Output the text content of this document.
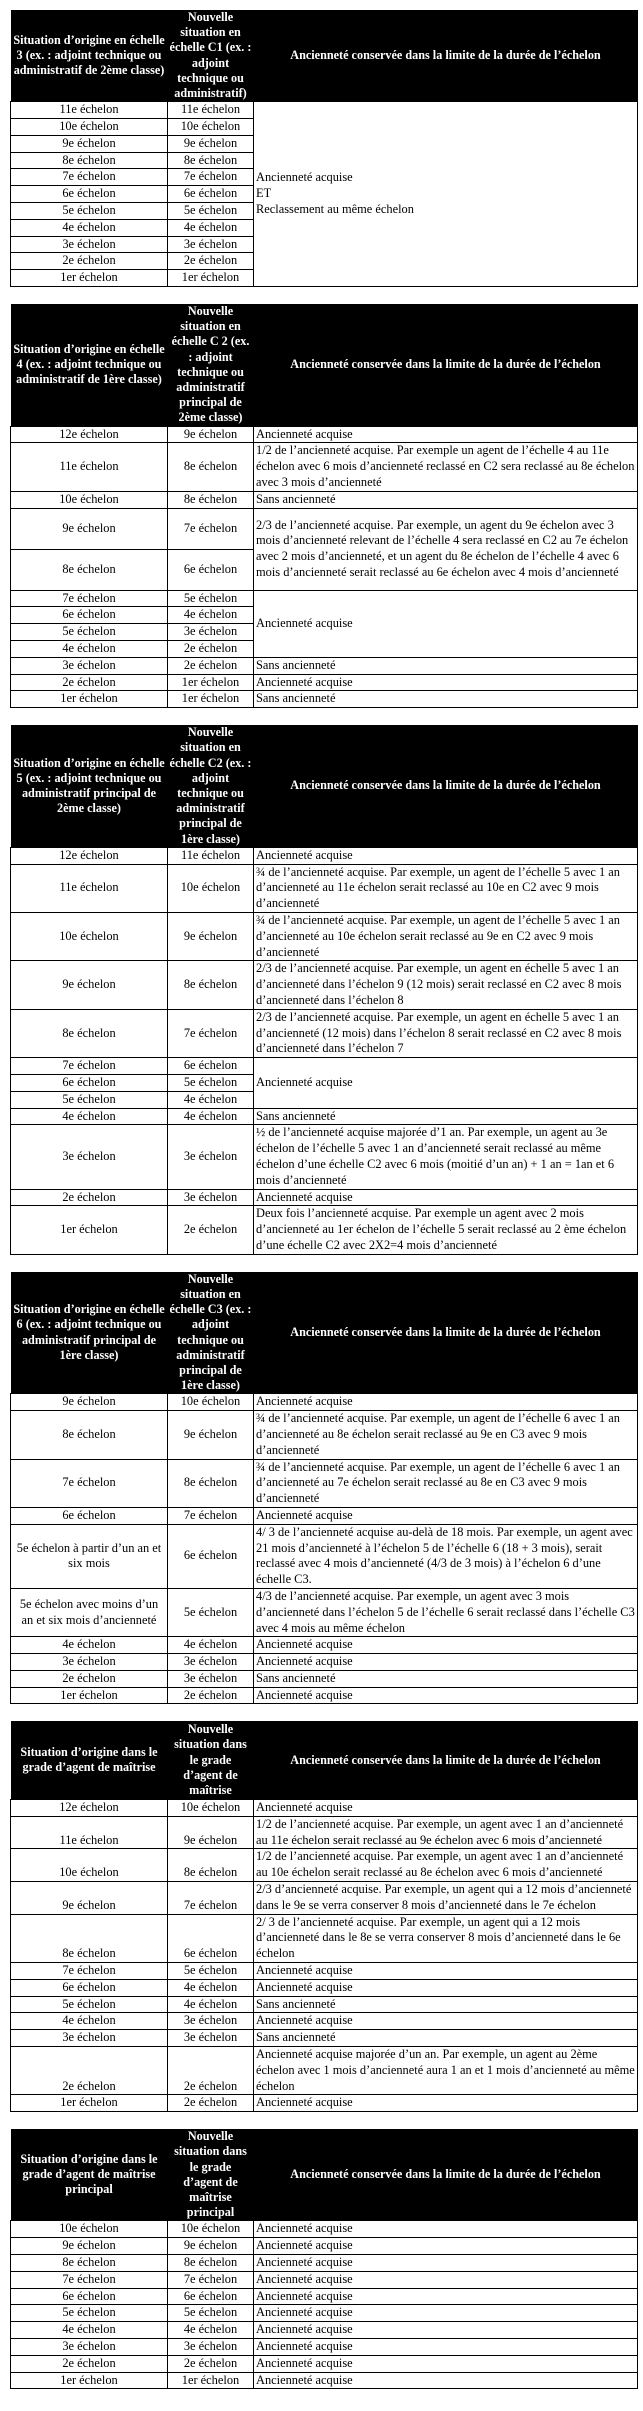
Situation d’origine en échelle 3 (ex. : adjoint technique ou administratif de 2ème classe)	Nouvelle situation en échelle C1 (ex. : adjoint technique ou administratif)	Ancienneté conservée dans la limite de la durée de l’échelon
11e échelon	11e échelon	Ancienneté acquise
ET
Reclassement au même échelon
10e échelon	10e échelon	
9e échelon	9e échelon	
8e échelon	8e échelon	
7e échelon	7e échelon	
6e échelon	6e échelon	
5e échelon	5e échelon	
4e échelon	4e échelon	
3e échelon	3e échelon	
2e échelon	2e échelon	
1er échelon	1er échelon	
Situation d’origine en échelle 4 (ex. : adjoint technique ou administratif de 1ère classe)	Nouvelle situation en échelle C 2 (ex. : adjoint technique ou administratif principal de 2ème classe)	Ancienneté conservée dans la limite de la durée de l’échelon
12e échelon	9e échelon	Ancienneté acquise
11e échelon	8e échelon	1/2 de l’ancienneté acquise. Par exemple un agent de l’échelle 4 au 11e échelon avec 6 mois d’ancienneté reclassé en C2 sera reclassé au 8e échelon avec 3 mois d’ancienneté
10e échelon	8e échelon	Sans ancienneté
9e échelon	7e échelon	2/3 de l’ancienneté acquise. Par exemple, un agent du 9e échelon avec 3 mois d’ancienneté relevant de l’échelle 4 sera reclassé en C2 au 7e échelon avec 2 mois d’ancienneté, et un agent du 8e échelon de l’échelle 4 avec 6 mois d’ancienneté serait reclassé au 6e échelon avec 4 mois d’ancienneté
8e échelon	6e échelon	
7e échelon	5e échelon	Ancienneté acquise
6e échelon	4e échelon	
5e échelon	3e échelon	
4e échelon	2e échelon	
3e échelon	2e échelon	Sans ancienneté
2e échelon	1er échelon	Ancienneté acquise
1er échelon	1er échelon	Sans ancienneté
Situation d’origine en échelle 5 (ex. : adjoint technique ou administratif principal de 2ème classe)	Nouvelle situation en échelle C2 (ex. : adjoint technique ou administratif principal de 1ère classe)	Ancienneté conservée dans la limite de la durée de l’échelon
12e échelon	11e échelon	Ancienneté acquise
11e échelon	10e échelon	¾ de l’ancienneté acquise. Par exemple, un agent de l’échelle 5 avec 1 an d’ancienneté au 11e échelon serait reclassé au 10e en C2 avec 9 mois d’ancienneté
10e échelon	9e échelon	¾ de l’ancienneté acquise. Par exemple, un agent de l’échelle 5 avec 1 an d’ancienneté au 10e échelon serait reclassé au 9e en C2 avec 9 mois d’ancienneté
9e échelon	8e échelon	2/3 de l’ancienneté acquise. Par exemple, un agent en échelle 5 avec 1 an d’ancienneté dans l’échelon 9 (12 mois) serait reclassé en C2 avec 8 mois d’ancienneté dans l’échelon 8
8e échelon	7e échelon	2/3 de l’ancienneté acquise. Par exemple, un agent en échelle 5 avec 1 an d’ancienneté (12 mois) dans l’échelon 8 serait reclassé en C2 avec 8 mois d’ancienneté dans l’échelon 7
7e échelon	6e échelon	Ancienneté acquise
6e échelon	5e échelon	
5e échelon	4e échelon	
4e échelon	4e échelon	Sans ancienneté
3e échelon	3e échelon	½ de l’ancienneté acquise majorée d’1 an. Par exemple, un agent au 3e échelon de l’échelle 5 avec 1 an d’ancienneté serait reclassé au même échelon d’une échelle C2 avec 6 mois (moitié d’un an) + 1 an = 1an et 6 mois d’ancienneté
2e échelon	3e échelon	Ancienneté acquise
1er échelon	2e échelon	Deux fois l’ancienneté acquise. Par exemple un agent avec 2 mois d’ancienneté au 1er échelon de l’échelle 5 serait reclassé au 2 ème échelon d’une échelle C2 avec 2X2=4 mois d’ancienneté
Situation d’origine en échelle 6 (ex. : adjoint technique ou administratif principal de 1ère classe)	Nouvelle situation en échelle C3 (ex. : adjoint technique ou administratif principal de 1ère classe)	Ancienneté conservée dans la limite de la durée de l’échelon
9e échelon	10e échelon	Ancienneté acquise
8e échelon	9e échelon	¾ de l’ancienneté acquise. Par exemple, un agent de l’échelle 6 avec 1 an d’ancienneté au 8e échelon serait reclassé au 9e en C3 avec 9 mois d’ancienneté
7e échelon	8e échelon	¾ de l’ancienneté acquise. Par exemple, un agent de l’échelle 6 avec 1 an d’ancienneté au 7e échelon serait reclassé au 8e en C3 avec 9 mois d’ancienneté
6e échelon	7e échelon	Ancienneté acquise
5e échelon à partir d’un an et six mois	6e échelon	4/ 3 de l’ancienneté acquise au-delà de 18 mois. Par exemple, un agent avec 21 mois d’ancienneté à l’échelon 5 de l’échelle 6 (18 + 3 mois), serait reclassé avec 4 mois d’ancienneté (4/3 de 3 mois) à l’échelon 6 d’une échelle C3.
5e échelon avec moins d’un an et six mois d’ancienneté	5e échelon	4/3 de l’ancienneté acquise. Par exemple, un agent avec 3 mois d’ancienneté dans l’échelon 5 de l’échelle 6 serait reclassé dans l’échelle C3 avec 4 mois au même échelon
4e échelon	4e échelon	Ancienneté acquise
3e échelon	3e échelon	Ancienneté acquise
2e échelon	3e échelon	Sans ancienneté
1er échelon	2e échelon	Ancienneté acquise
Situation d’origine dans le grade d’agent de maîtrise	Nouvelle situation dans le grade d’agent de maîtrise	Ancienneté conservée dans la limite de la durée de l’échelon
12e échelon	10e échelon	Ancienneté acquise
11e échelon	9e échelon	1/2 de l’ancienneté acquise. Par exemple, un agent avec 1 an d’ancienneté au 11e échelon serait reclassé au 9e échelon avec 6 mois d’ancienneté
10e échelon	8e échelon	1/2 de l’ancienneté acquise. Par exemple, un agent avec 1 an d’ancienneté au 10e échelon serait reclassé au 8e échelon avec 6 mois d’ancienneté
9e échelon	7e échelon	2/3 d’ancienneté acquise. Par exemple, un agent qui a 12 mois d’ancienneté dans le 9e se verra conserver 8 mois d’ancienneté dans le 7e échelon
8e échelon	6e échelon	2/ 3 de l’ancienneté acquise. Par exemple, un agent qui a 12 mois d’ancienneté dans le 8e se verra conserver 8 mois d’ancienneté dans le 6e échelon
7e échelon	5e échelon	Ancienneté acquise
6e échelon	4e échelon	Ancienneté acquise
5e échelon	4e échelon	Sans ancienneté
4e échelon	3e échelon	Ancienneté acquise
3e échelon	3e échelon	Sans ancienneté
2e échelon	2e échelon	Ancienneté acquise majorée d’un an. Par exemple, un agent au 2ème échelon avec 1 mois d’ancienneté aura 1 an et 1 mois d’ancienneté au même échelon
1er échelon	2e échelon	Ancienneté acquise
Situation d’origine dans le grade d’agent de maîtrise principal	Nouvelle situation dans le grade d’agent de maîtrise principal	Ancienneté conservée dans la limite de la durée de l’échelon
10e échelon	10e échelon	Ancienneté acquise
9e échelon	9e échelon	Ancienneté acquise
8e échelon	8e échelon	Ancienneté acquise
7e échelon	7e échelon	Ancienneté acquise
6e échelon	6e échelon	Ancienneté acquise
5e échelon	5e échelon	Ancienneté acquise
4e échelon	4e échelon	Ancienneté acquise
3e échelon	3e échelon	Ancienneté acquise
2e échelon	2e échelon	Ancienneté acquise
1er échelon	1er échelon	Ancienneté acquise
